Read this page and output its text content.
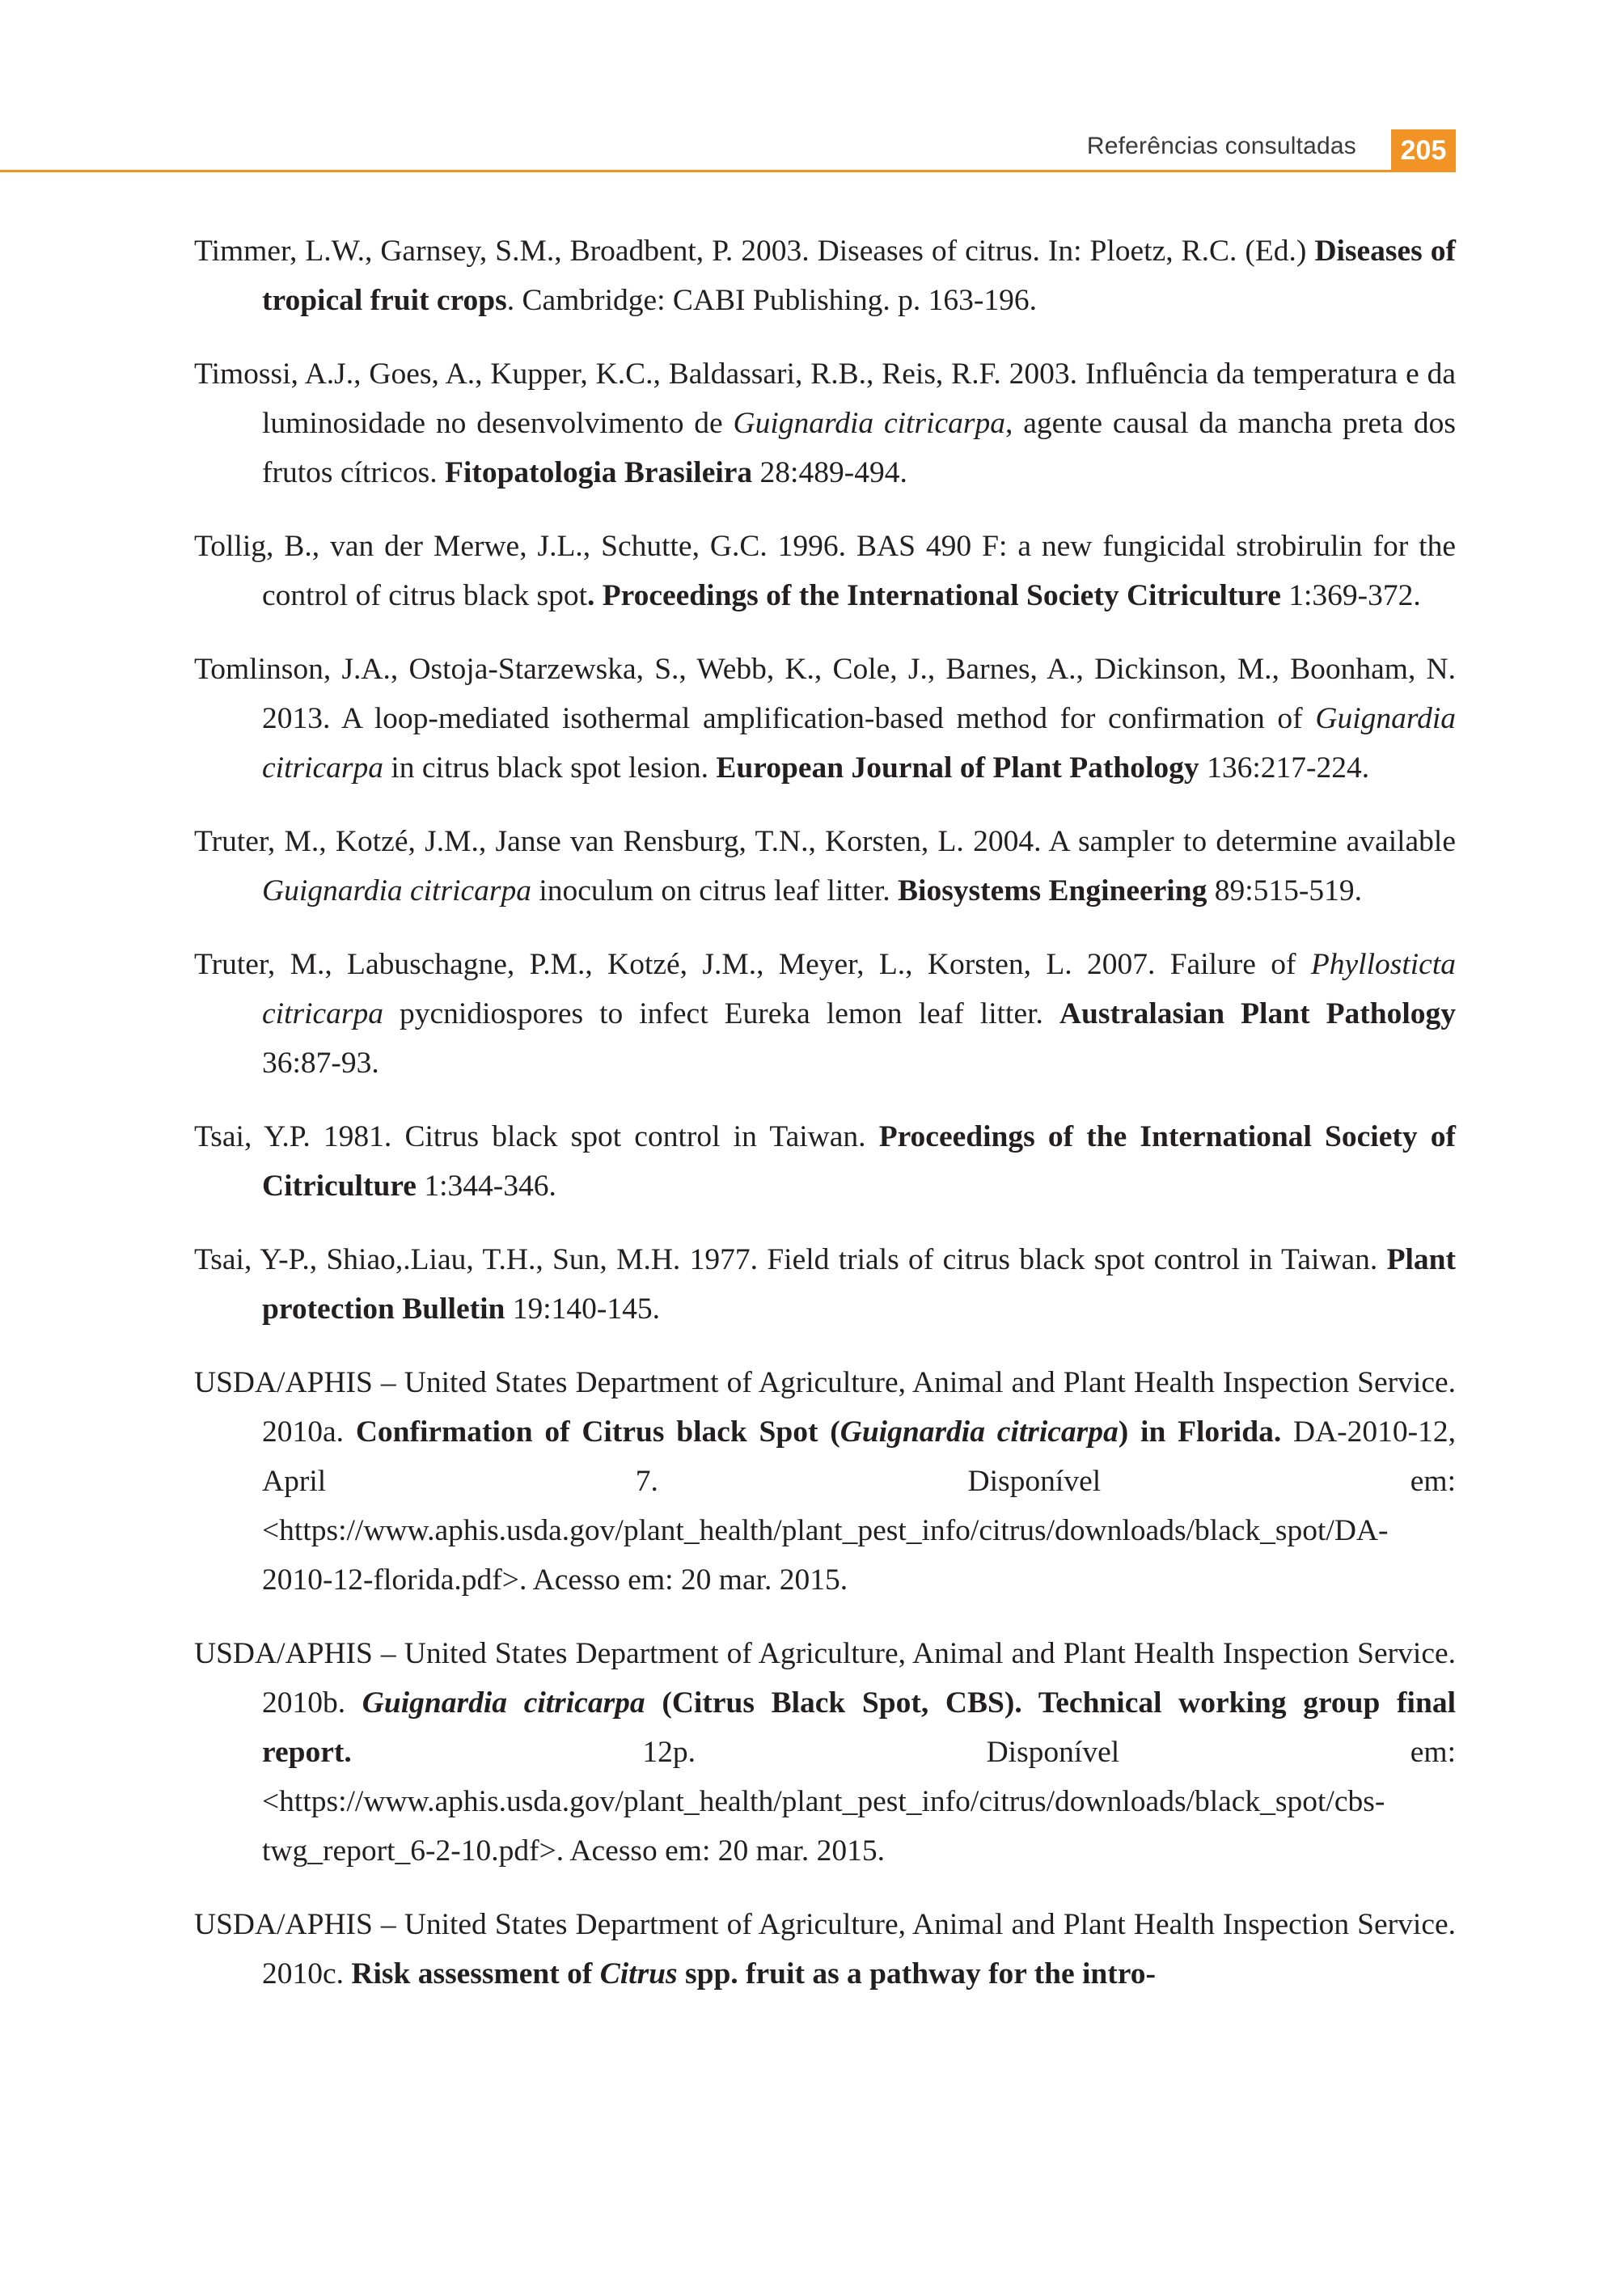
Referências consultadas	205

Timmer, L.W., Garnsey, S.M., Broadbent, P. 2003. Diseases of citrus. In: Ploetz, R.C. (Ed.) Diseases of tropical fruit crops. Cambridge: CABI Publishing. p. 163-196.

Timossi, A.J., Goes, A., Kupper, K.C., Baldassari, R.B., Reis, R.F. 2003. Influência da temperatura e da luminosidade no desenvolvimento de Guignardia citricarpa, agente causal da mancha preta dos frutos cítricos. Fitopatologia Brasileira 28:489-494.

Tollig, B., van der Merwe, J.L., Schutte, G.C. 1996. BAS 490 F: a new fungicidal strobirulin for the control of citrus black spot. Proceedings of the International Society Citriculture 1:369-372.

Tomlinson, J.A., Ostoja-Starzewska, S., Webb, K., Cole, J., Barnes, A., Dickinson, M., Boonham, N. 2013. A loop-mediated isothermal amplification-based method for confirmation of Guignardia citricarpa in citrus black spot lesion. European Journal of Plant Pathology 136:217-224.

Truter, M., Kotzé, J.M., Janse van Rensburg, T.N., Korsten, L. 2004. A sampler to determine available Guignardia citricarpa inoculum on citrus leaf litter. Biosystems Engineering 89:515-519.

Truter, M., Labuschagne, P.M., Kotzé, J.M., Meyer, L., Korsten, L. 2007. Failure of Phyllosticta citricarpa pycnidiospores to infect Eureka lemon leaf litter. Australasian Plant Pathology 36:87-93.

Tsai, Y.P. 1981. Citrus black spot control in Taiwan. Proceedings of the International Society of Citriculture 1:344-346.

Tsai, Y-P., Shiao,.Liau, T.H., Sun, M.H. 1977. Field trials of citrus black spot control in Taiwan. Plant protection Bulletin 19:140-145.

USDA/APHIS – United States Department of Agriculture, Animal and Plant Health Inspection Service. 2010a. Confirmation of Citrus black Spot (Guignardia citricarpa) in Florida. DA-2010-12, April 7. Disponível em: <https://www.aphis.usda.gov/plant_health/plant_pest_info/citrus/downloads/black_spot/DA-2010-12-florida.pdf>. Acesso em: 20 mar. 2015.

USDA/APHIS – United States Department of Agriculture, Animal and Plant Health Inspection Service. 2010b. Guignardia citricarpa (Citrus Black Spot, CBS). Technical working group final report. 12p. Disponível em: <https://www.aphis.usda.gov/plant_health/plant_pest_info/citrus/downloads/black_spot/cbs-twg_report_6-2-10.pdf>. Acesso em: 20 mar. 2015.

USDA/APHIS – United States Department of Agriculture, Animal and Plant Health Inspection Service. 2010c. Risk assessment of Citrus spp. fruit as a pathway for the intro-
